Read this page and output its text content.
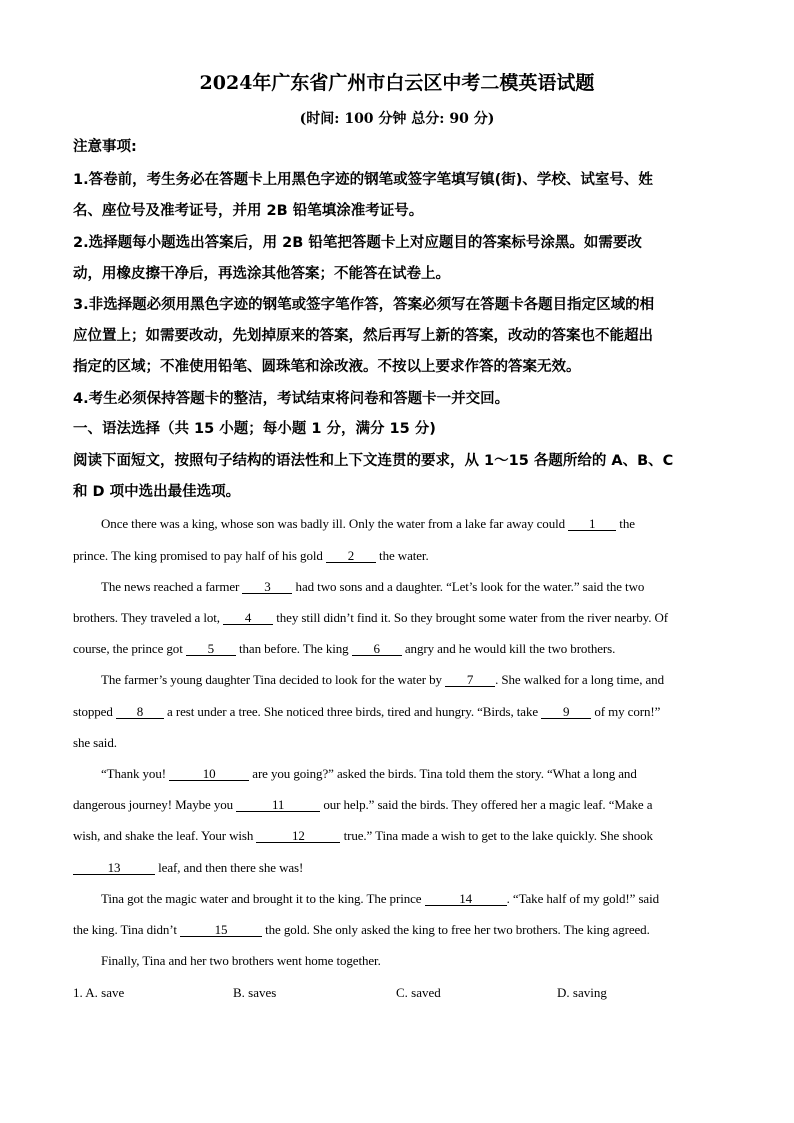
2024年广东省广州市白云区中考二模英语试题
(时间: 100 分钟 总分: 90 分)
注意事项:
1.答卷前，考生务必在答题卡上用黑色字迹的钢笔或签字笔填写镇(街)、学校、试室号、姓
名、座位号及准考证号，并用 2B 铅笔填涂准考证号。
2.选择题每小题选出答案后，用 2B 铅笔把答题卡上对应题目的答案标号涂黑。如需要改
动，用橡皮擦干净后，再选涂其他答案；不能答在试卷上。
3.非选择题必须用黑色字迹的钢笔或签字笔作答，答案必须写在答题卡各题目指定区域的相
应位置上；如需要改动，先划掉原来的答案，然后再写上新的答案，改动的答案也不能超出
指定的区域；不准使用铅笔、圆珠笔和涂改液。不按以上要求作答的答案无效。
4.考生必须保持答题卡的整洁，考试结束将问卷和答题卡一并交回。
一、语法选择（共 15 小题；每小题 1 分，满分 15 分)
阅读下面短文，按照句子结构的语法性和上下文连贯的要求，从 1～15 各题所给的 A、B、C
和 D 项中选出最佳选项。
Once there was a king, whose son was badly ill. Only the water from a lake far away could 1 the
prince. The king promised to pay half of his gold 2 the water.
The news reached a farmer 3 had two sons and a daughter. “Let’s look for the water.” said the two
brothers. They traveled a lot, 4 they still didn’t find it. So they brought some water from the river nearby. Of
course, the prince got 5 than before. The king 6 angry and he would kill the two brothers.
The farmer’s young daughter Tina decided to look for the water by 7 . She walked for a long time, and
stopped 8 a rest under a tree. She noticed three birds, tired and hungry. “Birds, take 9 of my corn!”
she said.
“Thank you!	10	are you going?” asked the birds. Tina told them the story. “What a long and
dangerous journey! Maybe you	11	our help.” said the birds. They offered her a magic leaf. “Make a
wish, and shake the leaf. Your wish	12	true.” Tina made a wish to get to the lake quickly. She shook
13	leaf, and then there she was!
Tina got the magic water and brought it to the king. The prince	14	. “Take half of my gold!” said
the king. Tina didn’t	15	the gold. She only asked the king to free her two brothers. The king agreed.
Finally, Tina and her two brothers went home together.
1. A. save	B. saves	C. saved	D. saving
